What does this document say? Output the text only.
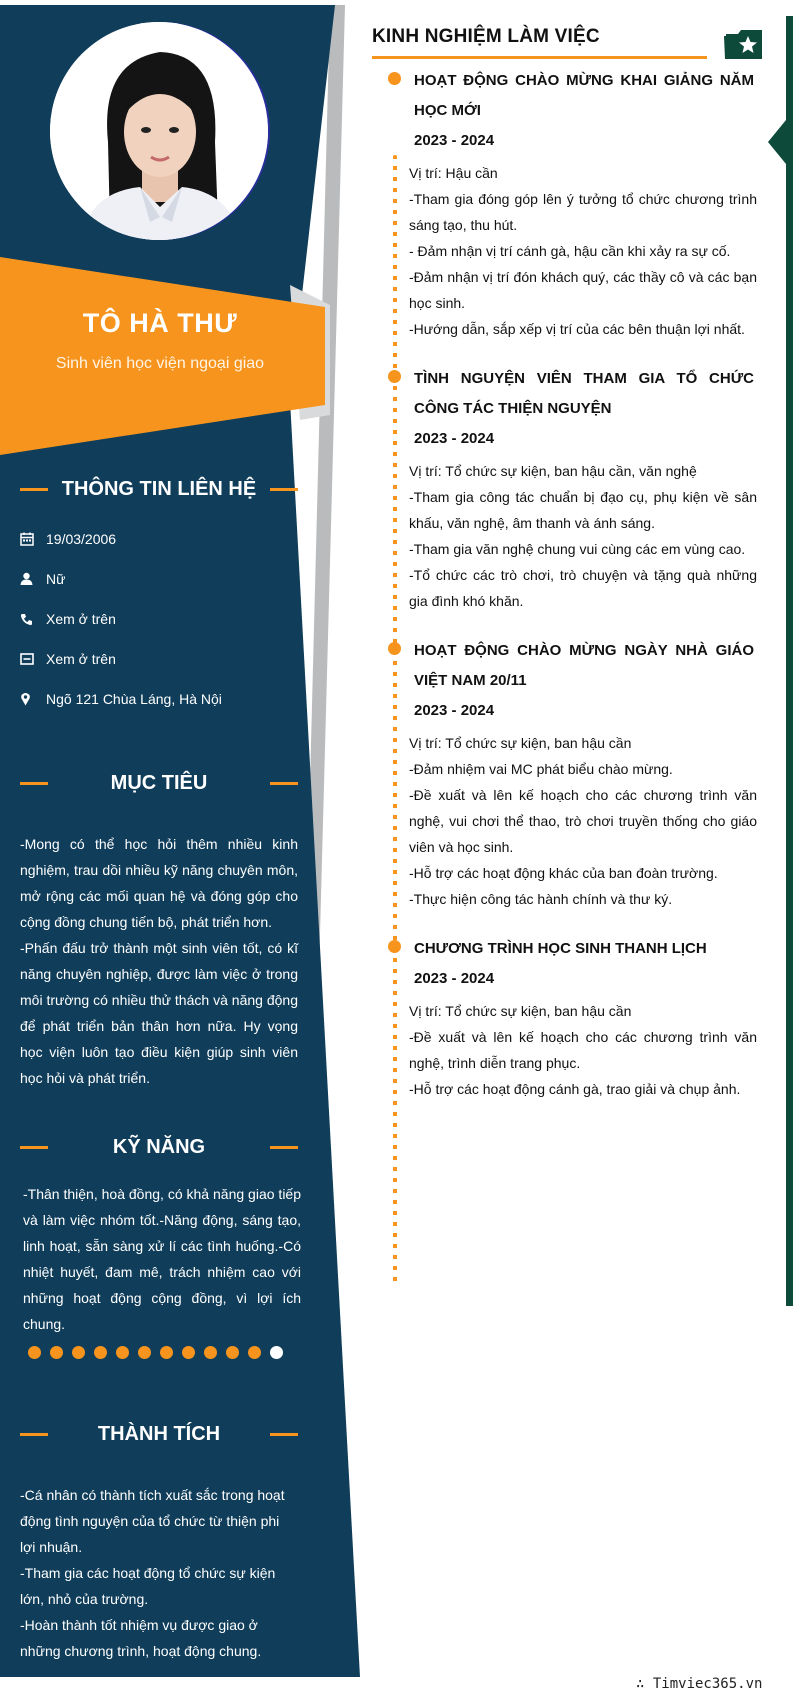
TÔ HÀ THƯ
Sinh viên học viện ngoại giao
THÔNG TIN LIÊN HỆ
19/03/2006
Nữ
Xem ở trên
Xem ở trên
Ngõ 121 Chùa Láng, Hà Nội
MỤC TIÊU
-Mong có thể học hỏi thêm nhiều kinh nghiệm, trau dồi nhiều kỹ năng chuyên môn, mở rộng các mối quan hệ và đóng góp cho cộng đồng chung tiến bộ, phát triển hơn.
-Phấn đấu trở thành một sinh viên tốt, có kĩ năng chuyên nghiệp, được làm việc ở trong môi trường có nhiều thử thách và năng động để phát triển bản thân hơn nữa. Hy vọng học viện luôn tạo điều kiện giúp sinh viên học hỏi và phát triển.
KỸ NĂNG
-Thân thiện, hoà đồng, có khả năng giao tiếp và làm việc nhóm tốt.-Năng động, sáng tạo, linh hoạt, sẵn sàng xử lí các tình huống.-Có nhiệt huyết, đam mê, trách nhiệm cao với những hoạt động cộng đồng, vì lợi ích chung.
THÀNH TÍCH
-Cá nhân có thành tích xuất sắc trong hoạt động tình nguyện của tổ chức từ thiện phi lợi nhuận.
-Tham gia các hoạt động tổ chức sự kiện lớn, nhỏ của trường.
-Hoàn thành tốt nhiệm vụ được giao ở những chương trình, hoạt động chung.
KINH NGHIỆM LÀM VIỆC
HOẠT ĐỘNG CHÀO MỪNG KHAI GIẢNG NĂM HỌC MỚI
2023 - 2024
Vị trí: Hậu cần
-Tham gia đóng góp lên ý tưởng tổ chức chương trình sáng tạo, thu hút.
- Đảm nhận vị trí cánh gà, hậu cần khi xảy ra sự cố.
-Đảm nhận vị trí đón khách quý, các thầy cô và các bạn học sinh.
-Hướng dẫn, sắp xếp vị trí của các bên thuận lợi nhất.
TÌNH NGUYỆN VIÊN THAM GIA TỔ CHỨC CÔNG TÁC THIỆN NGUYỆN
2023 - 2024
Vị trí: Tổ chức sự kiện, ban hậu cần, văn nghệ
-Tham gia công tác chuẩn bị đạo cụ, phụ kiện về sân khấu, văn nghệ, âm thanh và ánh sáng.
-Tham gia văn nghệ chung vui cùng các em vùng cao.
-Tổ chức các trò chơi, trò chuyện và tặng quà những gia đình khó khăn.
HOẠT ĐỘNG CHÀO MỪNG NGÀY NHÀ GIÁO VIỆT NAM 20/11
2023 - 2024
Vị trí: Tổ chức sự kiện, ban hậu cần
-Đảm nhiệm vai MC phát biểu chào mừng.
-Đề xuất và lên kế hoạch cho các chương trình văn nghệ, vui chơi thể thao, trò chơi truyền thống cho giáo viên và học sinh.
-Hỗ trợ các hoạt động khác của ban đoàn trường.
-Thực hiện công tác hành chính và thư ký.
CHƯƠNG TRÌNH HỌC SINH THANH LỊCH
2023 - 2024
Vị trí: Tổ chức sự kiện, ban hậu cần
-Đề xuất và lên kế hoạch cho các chương trình văn nghệ, trình diễn trang phục.
-Hỗ trợ các hoạt động cánh gà, trao giải và chụp ảnh.
∴ Timviec365.vn
